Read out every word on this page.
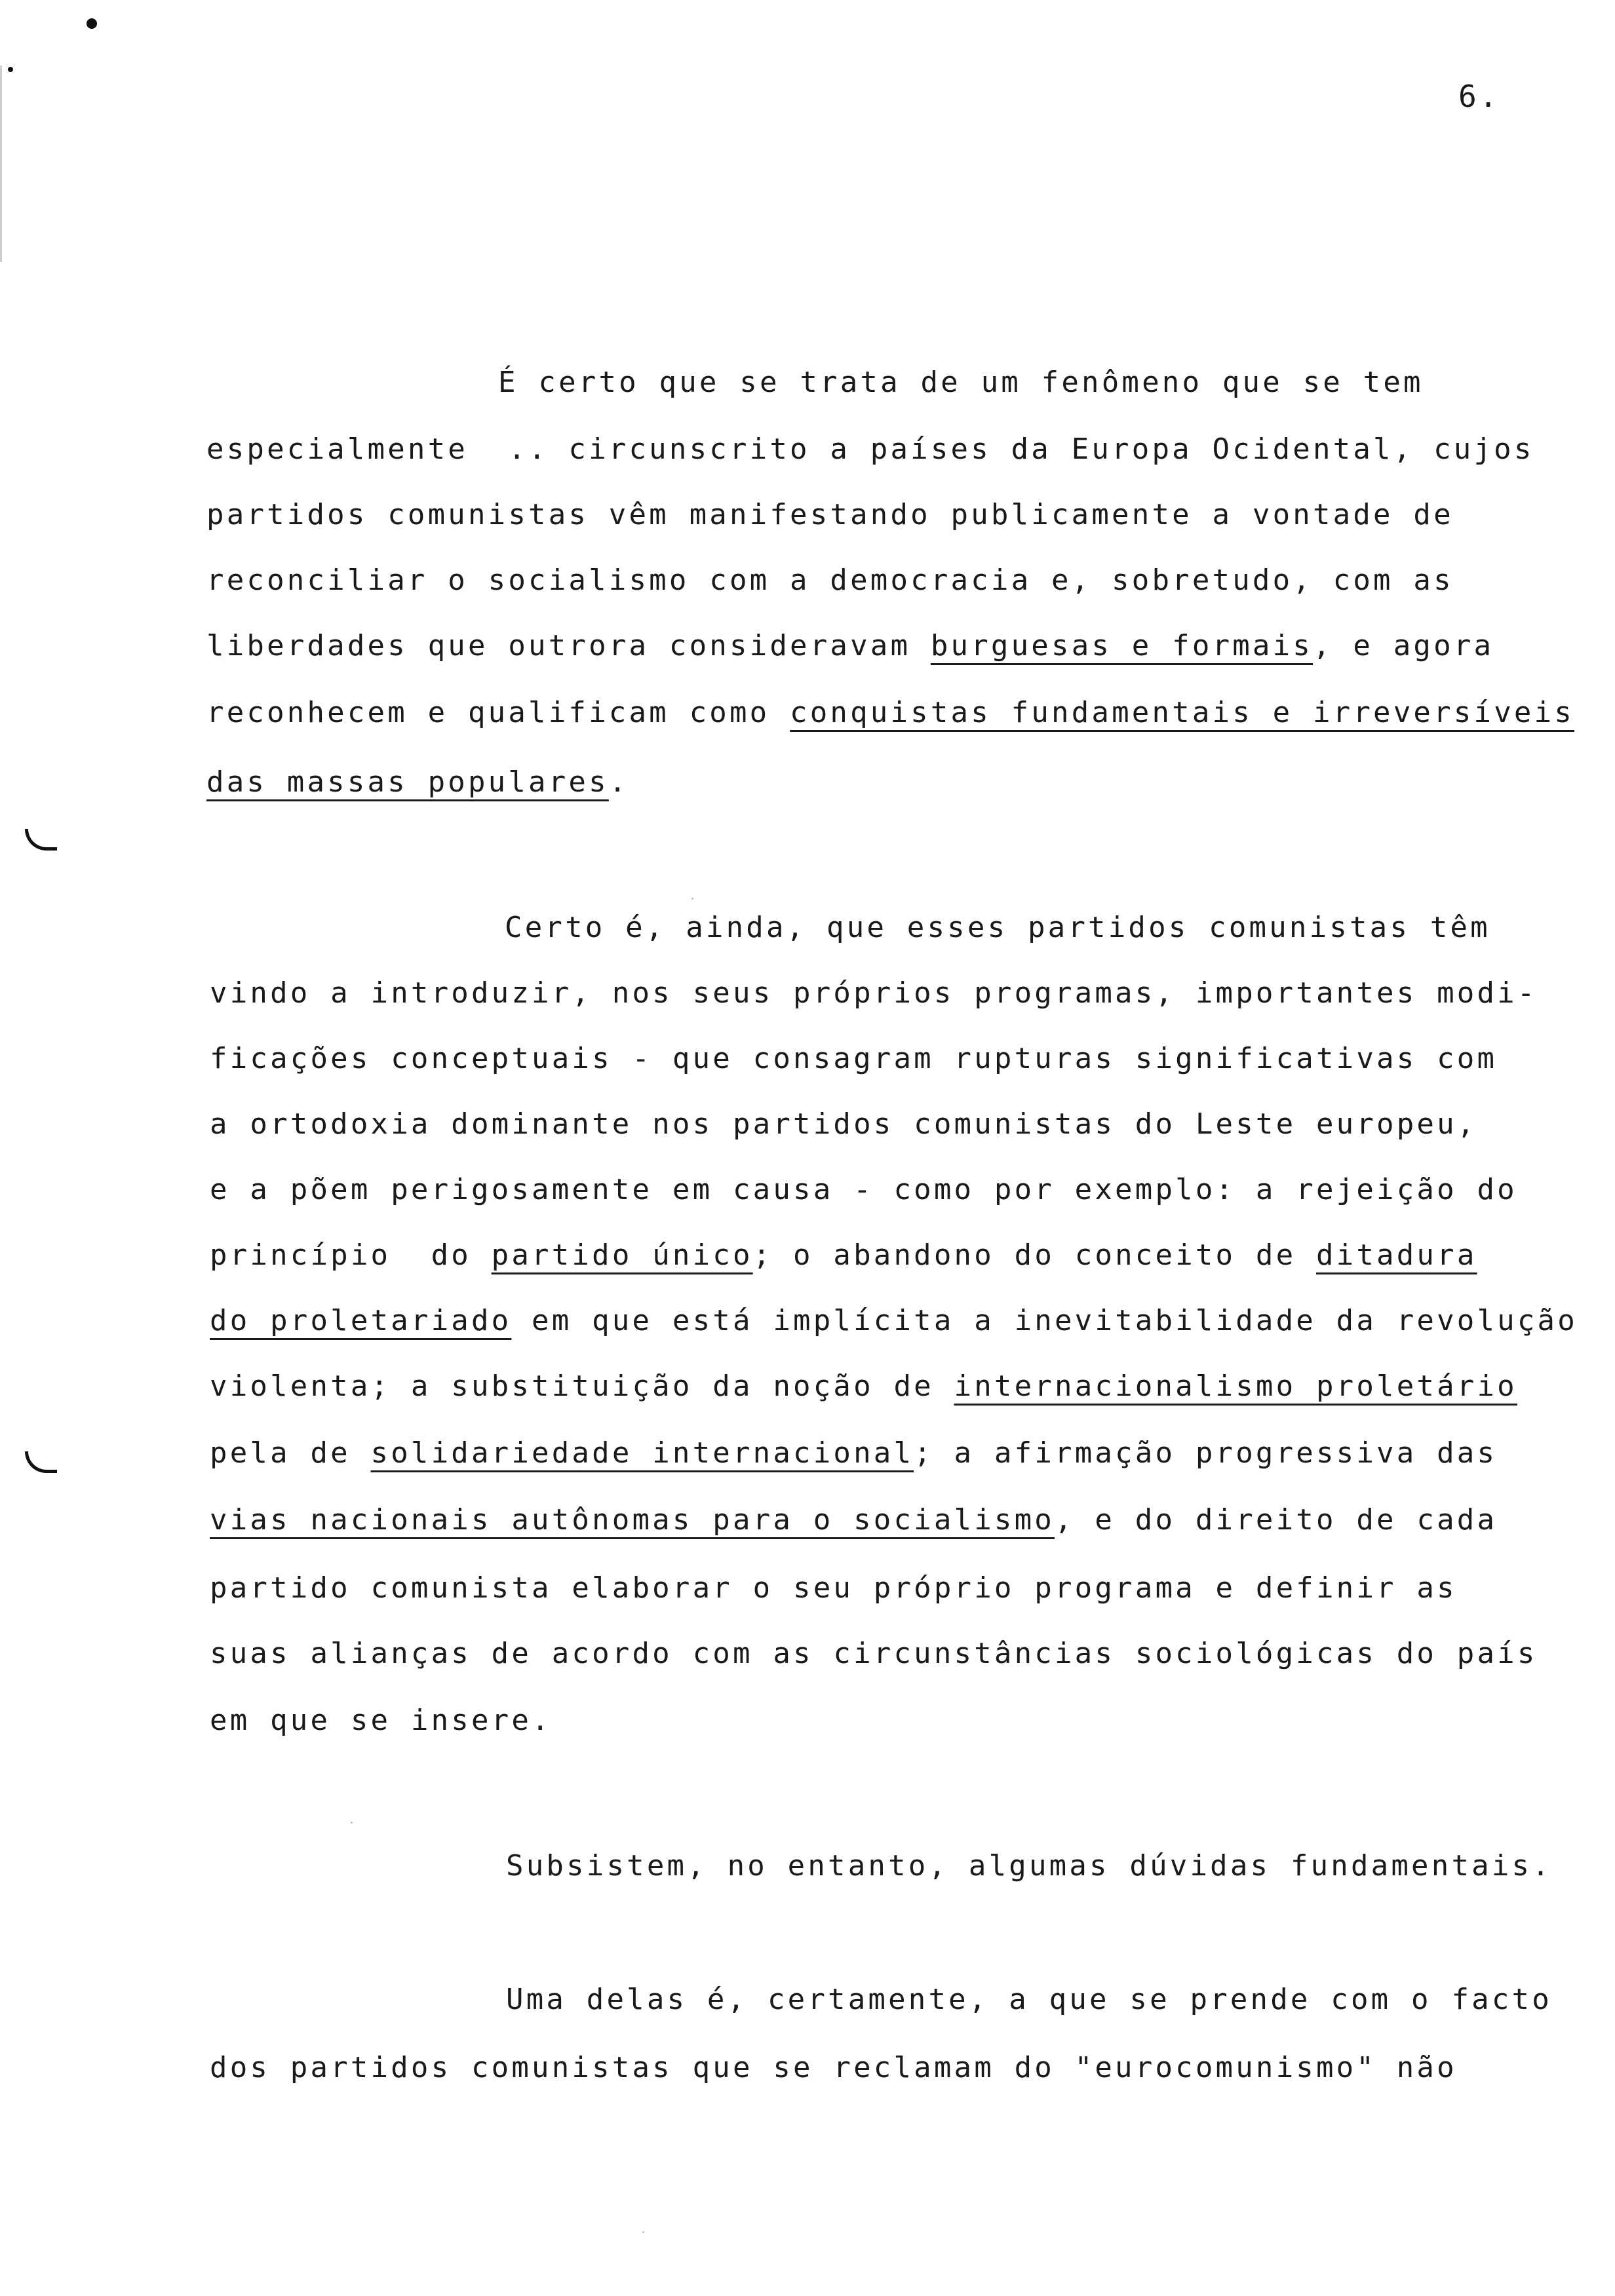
6.
É certo que se trata de um fenômeno que se tem
especialmente  .. circunscrito a países da Europa Ocidental, cujos
partidos comunistas vêm manifestando publicamente a vontade de
reconciliar o socialismo com a democracia e, sobretudo, com as
liberdades que outrora consideravam burguesas e formais, e agora
reconhecem e qualificam como conquistas fundamentais e irreversíveis
das massas populares.
Certo é, ainda, que esses partidos comunistas têm
vindo a introduzir, nos seus próprios programas, importantes modi-
ficações conceptuais - que consagram rupturas significativas com
a ortodoxia dominante nos partidos comunistas do Leste europeu,
e a põem perigosamente em causa - como por exemplo: a rejeição do
princípio  do partido único; o abandono do conceito de ditadura
do proletariado em que está implícita a inevitabilidade da revolução
violenta; a substituição da noção de internacionalismo proletário
pela de solidariedade internacional; a afirmação progressiva das
vias nacionais autônomas para o socialismo, e do direito de cada
partido comunista elaborar o seu próprio programa e definir as
suas alianças de acordo com as circunstâncias sociológicas do país
em que se insere.
Subsistem, no entanto, algumas dúvidas fundamentais.
Uma delas é, certamente, a que se prende com o facto
dos partidos comunistas que se reclamam do "eurocomunismo" não
